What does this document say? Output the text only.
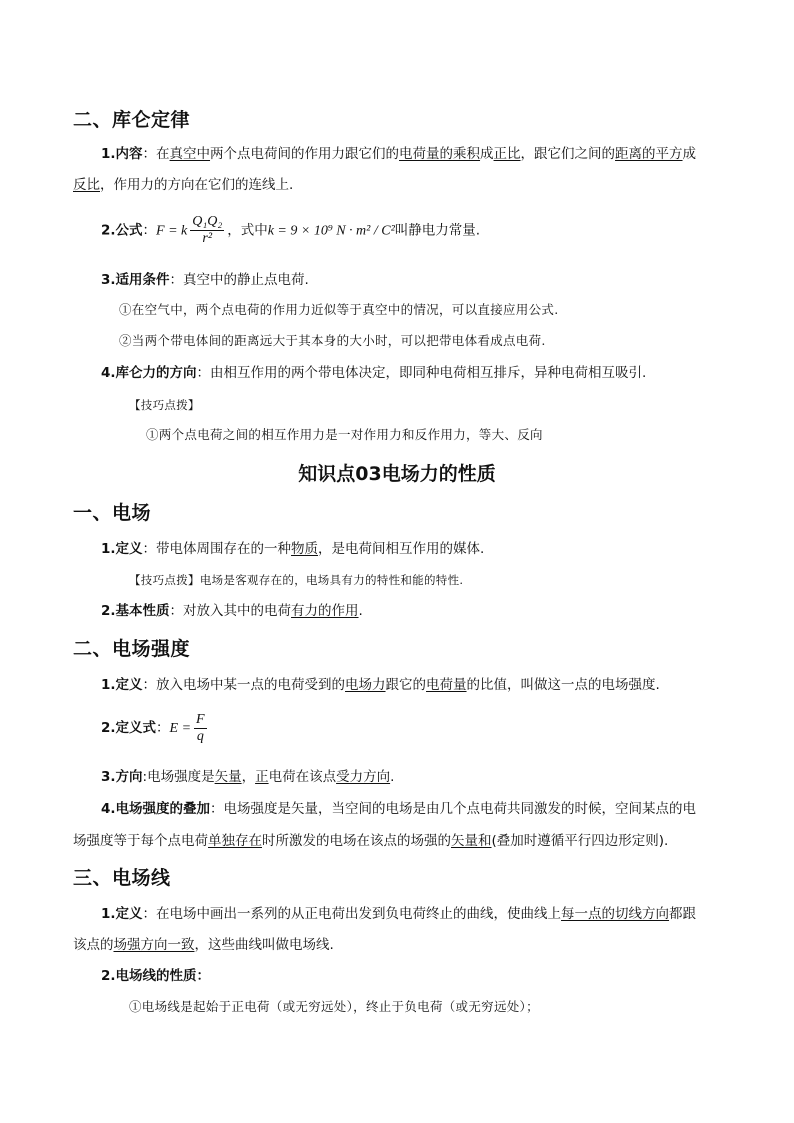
二、库仑定律
1.内容：在真空中两个点电荷间的作用力跟它们的电荷量的乘积成正比，跟它们之间的距离的平方成
反比，作用力的方向在它们的连线上.
2.公式：F = k $\frac{\text{Q₁Q₂}}{\text{r²}}$ ，式中k = 9 × 10⁹ N · m² / C²叫静电力常量.
3.适用条件：真空中的静止点电荷.
①在空气中，两个点电荷的作用力近似等于真空中的情况，可以直接应用公式.
②当两个带电体间的距离远大于其本身的大小时，可以把带电体看成点电荷.
4.库仑力的方向：由相互作用的两个带电体决定，即同种电荷相互排斥，异种电荷相互吸引.
【技巧点拨】
①两个点电荷之间的相互作用力是一对作用力和反作用力，等大、反向
知识点03电场力的性质
一、电场
1.定义：带电体周围存在的一种物质，是电荷间相互作用的媒体.
【技巧点拨】电场是客观存在的，电场具有力的特性和能的特性.
2.基本性质：对放入其中的电荷有力的作用.
二、电场强度
1.定义：放入电场中某一点的电荷受到的电场力跟它的电荷量的比值，叫做这一点的电场强度.
2.定义式：$E = \frac{F}{q}$
3.方向:电场强度是矢量，正电荷在该点受力方向.
4.电场强度的叠加：电场强度是矢量，当空间的电场是由几个点电荷共同激发的时候，空间某点的电
场强度等于每个点电荷单独存在时所激发的电场在该点的场强的矢量和(叠加时遵循平行四边形定则).
三、电场线
1.定义：在电场中画出一系列的从正电荷出发到负电荷终止的曲线，使曲线上每一点的切线方向都跟
该点的场强方向一致，这些曲线叫做电场线.
2.电场线的性质：
①电场线是起始于正电荷（或无穷远处），终止于负电荷（或无穷远处）；
